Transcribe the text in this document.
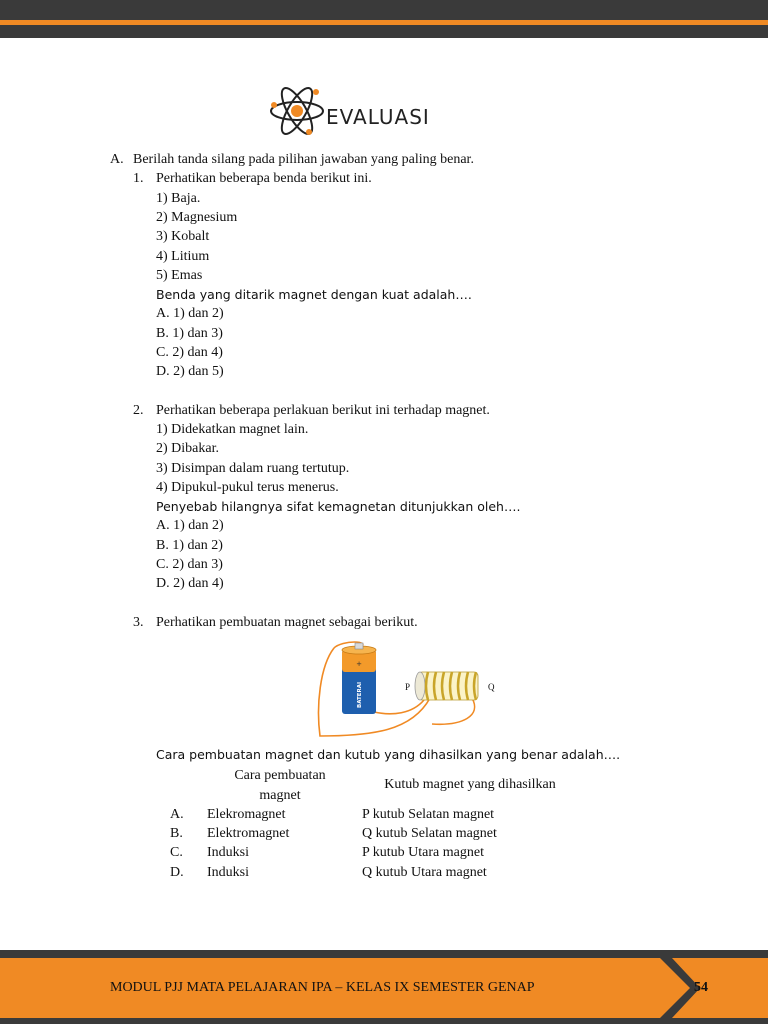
EVALUASI
A. Berilah tanda silang pada pilihan jawaban yang paling benar.
1. Perhatikan beberapa benda berikut ini.
1) Baja.
2) Magnesium
3) Kobalt
4) Litium
5) Emas
Benda yang ditarik magnet dengan kuat adalah….
A. 1) dan 2)
B. 1) dan 3)
C. 2) dan 4)
D. 2) dan 5)
2. Perhatikan beberapa perlakuan berikut ini terhadap magnet.
1) Didekatkan magnet lain.
2) Dibakar.
3) Disimpan dalam ruang tertutup.
4) Dipukul-pukul terus menerus.
Penyebab hilangnya sifat kemagnetan ditunjukkan oleh….
A. 1) dan 2)
B. 1) dan 2)
C. 2) dan 3)
D. 2) dan 4)
3. Perhatikan pembuatan magnet sebagai berikut.
+
BATERAI	P	Q
Cara pembuatan magnet dan kutub yang dihasilkan yang benar adalah….
Cara pembuatan
magnet
Kutub magnet yang dihasilkan
A. Elekromagnet	P kutub Selatan magnet
B. Elektromagnet	Q kutub Selatan magnet
C. Induksi	P kutub Utara magnet
D. Induksi	Q kutub Utara magnet
MODUL PJJ MATA PELAJARAN IPA – KELAS IX SEMESTER GENAP	54
